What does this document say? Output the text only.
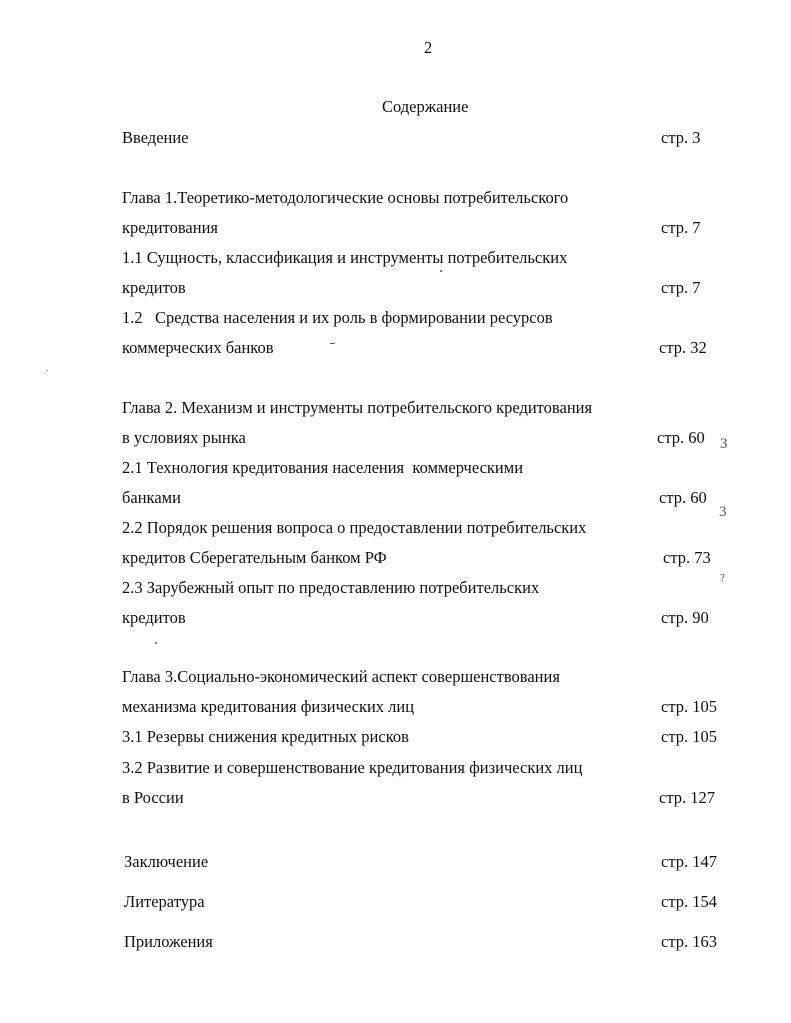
2
Содержание
Введение	стр. 3
Глава 1.Теоретико-методологические основы потребительского
кредитования	стр. 7
1.1 Сущность, классификация и инструменты потребительских
кредитов	стр. 7
1.2   Средства населения и их роль в формировании ресурсов
коммерческих банков	стр. 32
Глава 2. Механизм и инструменты потребительского кредитования
в условиях рынка	стр. 60
2.1 Технология кредитования населения  коммерческими
банками	стр. 60
2.2 Порядок решения вопроса о предоставлении потребительских
кредитов Сберегательным банком РФ	стр. 73
2.3 Зарубежный опыт по предоставлению потребительских
кредитов	стр. 90
Глава 3.Социально-экономический аспект совершенствования
механизма кредитования физических лиц	стр. 105
3.1 Резервы снижения кредитных рисков	стр. 105
3.2 Развитие и совершенствование кредитования физических лиц
в России	стр. 127
Заключение	стр. 147
Литература	стр. 154
Приложения	стр. 163
3
3
?
